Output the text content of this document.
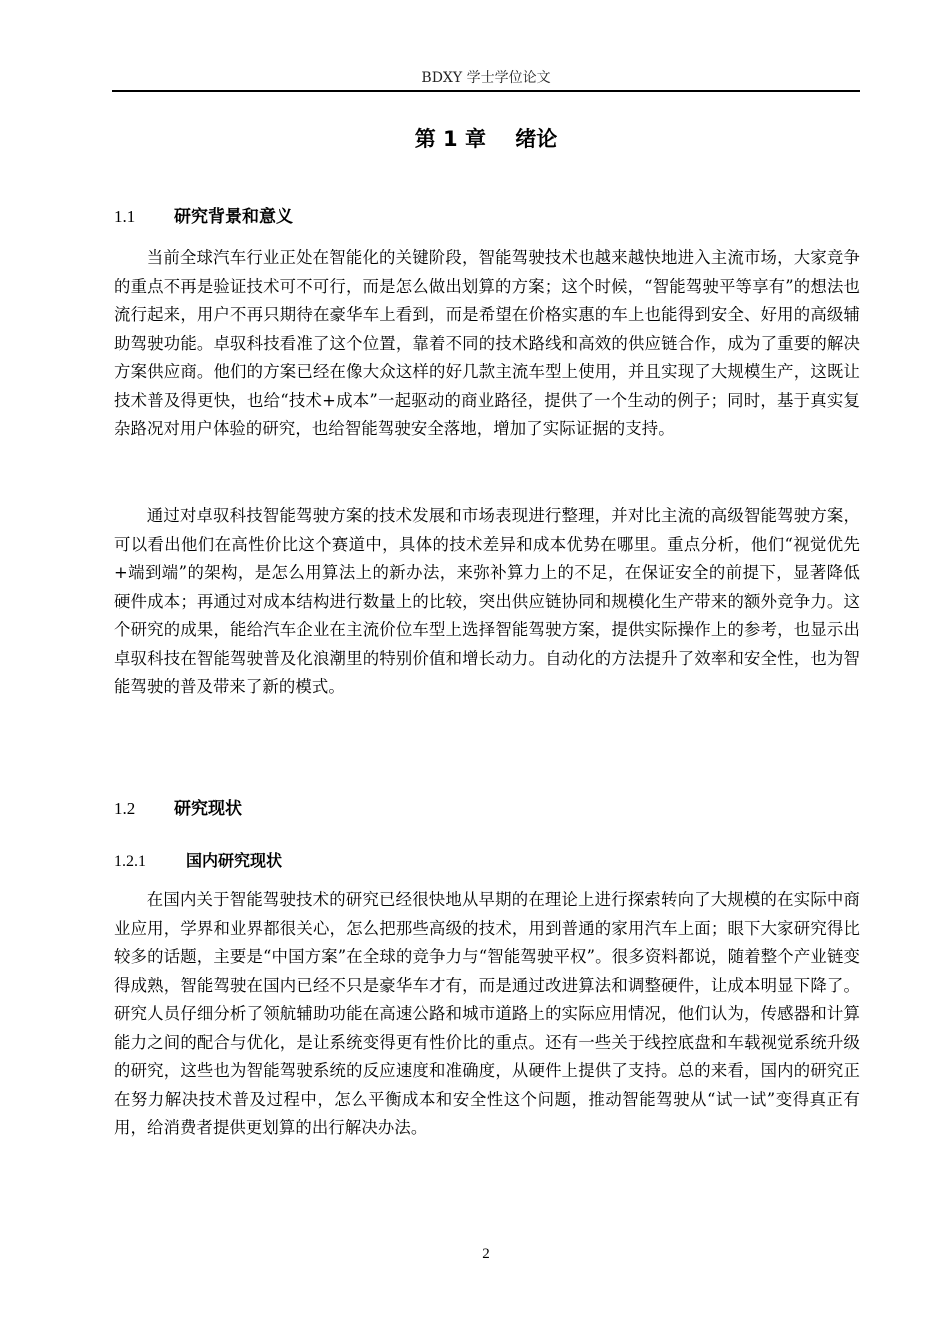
BDXY 学士学位论文
第 1 章    绪论
1.1 研究背景和意义

当前全球汽车行业正处在智能化的关键阶段，智能驾驶技术也越来越快地进入主流市场，大家竞争的重点不再是验证技术可不可行，而是怎么做出划算的方案；这个时候，“智能驾驶平等享有”的想法也流行起来，用户不再只期待在豪华车上看到，而是希望在价格实惠的车上也能得到安全、好用的高级辅助驾驶功能。卓驭科技看准了这个位置，靠着不同的技术路线和高效的供应链合作，成为了重要的解决方案供应商。他们的方案已经在像大众这样的好几款主流车型上使用，并且实现了大规模生产，这既让技术普及得更快，也给“技术+成本”一起驱动的商业路径，提供了一个生动的例子；同时，基于真实复杂路况对用户体验的研究，也给智能驾驶安全落地，增加了实际证据的支持。

通过对卓驭科技智能驾驶方案的技术发展和市场表现进行整理，并对比主流的高级智能驾驶方案，可以看出他们在高性价比这个赛道中，具体的技术差异和成本优势在哪里。重点分析，他们“视觉优先+端到端”的架构，是怎么用算法上的新办法，来弥补算力上的不足，在保证安全的前提下，显著降低硬件成本；再通过对成本结构进行数量上的比较，突出供应链协同和规模化生产带来的额外竞争力。这个研究的成果，能给汽车企业在主流价位车型上选择智能驾驶方案，提供实际操作上的参考，也显示出卓驭科技在智能驾驶普及化浪潮里的特别价值和增长动力。自动化的方法提升了效率和安全性，也为智能驾驶的普及带来了新的模式。

1.2 研究现状
1.2.1	国内研究现状

在国内关于智能驾驶技术的研究已经很快地从早期的在理论上进行探索转向了大规模的在实际中商业应用，学界和业界都很关心，怎么把那些高级的技术，用到普通的家用汽车上面；眼下大家研究得比较多的话题，主要是“中国方案”在全球的竞争力与“智能驾驶平权”。很多资料都说，随着整个产业链变得成熟，智能驾驶在国内已经不只是豪华车才有，而是通过改进算法和调整硬件，让成本明显下降了。研究人员仔细分析了领航辅助功能在高速公路和城市道路上的实际应用情况，他们认为，传感器和计算能力之间的配合与优化，是让系统变得更有性价比的重点。还有一些关于线控底盘和车载视觉系统升级的研究，这些也为智能驾驶系统的反应速度和准确度，从硬件上提供了支持。总的来看，国内的研究正在努力解决技术普及过程中，怎么平衡成本和安全性这个问题，推动智能驾驶从“试一试”变得真正有用，给消费者提供更划算的出行解决办法。

2
